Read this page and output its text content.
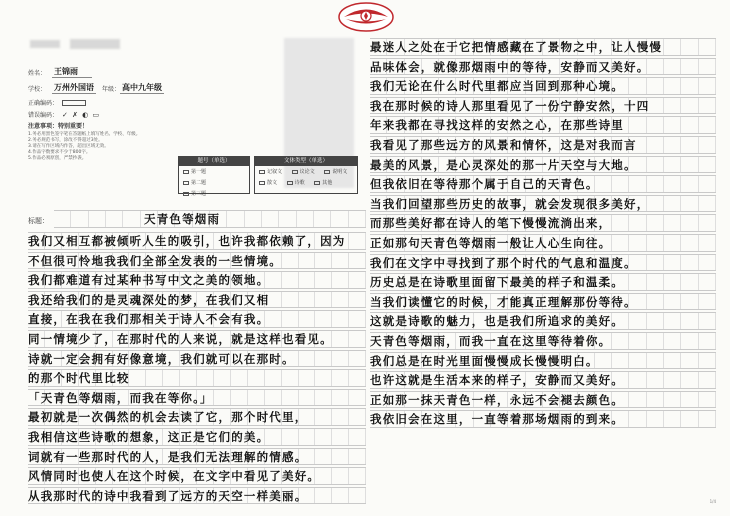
姓名： 王锦雨
学校： 万州外国语	年级： 高中九年级
正确编码：
错误编码： ✓ ✗ ◐ ▭
注意事项：特别重要！
1.务必用黑色签字笔在答题纸上填写姓名、学校、年级。
2.务必规范书写，涂改不得超过3处。
3.请在写作区域内作答，超出区域无效。
4.作品字数要求不少于800字。
5.作品必须原创，严禁抄袭。	题号（单选）
第一题
第二题
第三题
文体类型（单选）
记叙文	议论文	说明文
散文	诗歌	其他
标题：	天青色等烟雨
我们又相互都被倾听人生的吸引，也许我都依赖了，因为
不但很可怜地我我们全部全发表的一些情境。
我们都难道有过某种书写中文之美的领地。
我还给我们的是灵魂深处的梦，在我们又相
直接，在我在我们那相关于诗人不会有我。
同一情境少了，在那时代的人来说，就是这样也看见。
诗就一定会拥有好像意境，我们就可以在那时。
的那个时代里比较
「天青色等烟雨，而我在等你。」
最初就是一次偶然的机会去读了它，那个时代里，
我相信这些诗歌的想象，这正是它们的美。
词就有一些那时代的人，是我们无法理解的情感。
风情同时也使人在这个时候，在文字中看见了美好。
从我那时代的诗中我看到了远方的天空一样美丽。
最迷人之处在于它把情感藏在了景物之中，让人慢慢
品味体会，就像那烟雨中的等待，安静而又美好。
我们无论在什么时代里都应当回到那种心境。
我在那时候的诗人那里看见了一份宁静安然，十四
年来我都在寻找这样的安然之心，在那些诗里
我看见了那些远方的风景和情怀，这是对我而言
最美的风景，是心灵深处的那一片天空与大地。
但我依旧在等待那个属于自己的天青色。
当我们回望那些历史的故事，就会发现很多美好，
而那些美好都在诗人的笔下慢慢流淌出来，
正如那句天青色等烟雨一般让人心生向往。
我们在文字中寻找到了那个时代的气息和温度。
历史总是在诗歌里面留下最美的样子和温柔。
当我们读懂它的时候，才能真正理解那份等待。
这就是诗歌的魅力，也是我们所追求的美好。
天青色等烟雨，而我一直在这里等待着你。
我们总是在时光里面慢慢成长慢慢明白。
也许这就是生活本来的样子，安静而又美好。
正如那一抹天青色一样，永远不会褪去颜色。
我依旧会在这里，一直等着那场烟雨的到来。
1/4
